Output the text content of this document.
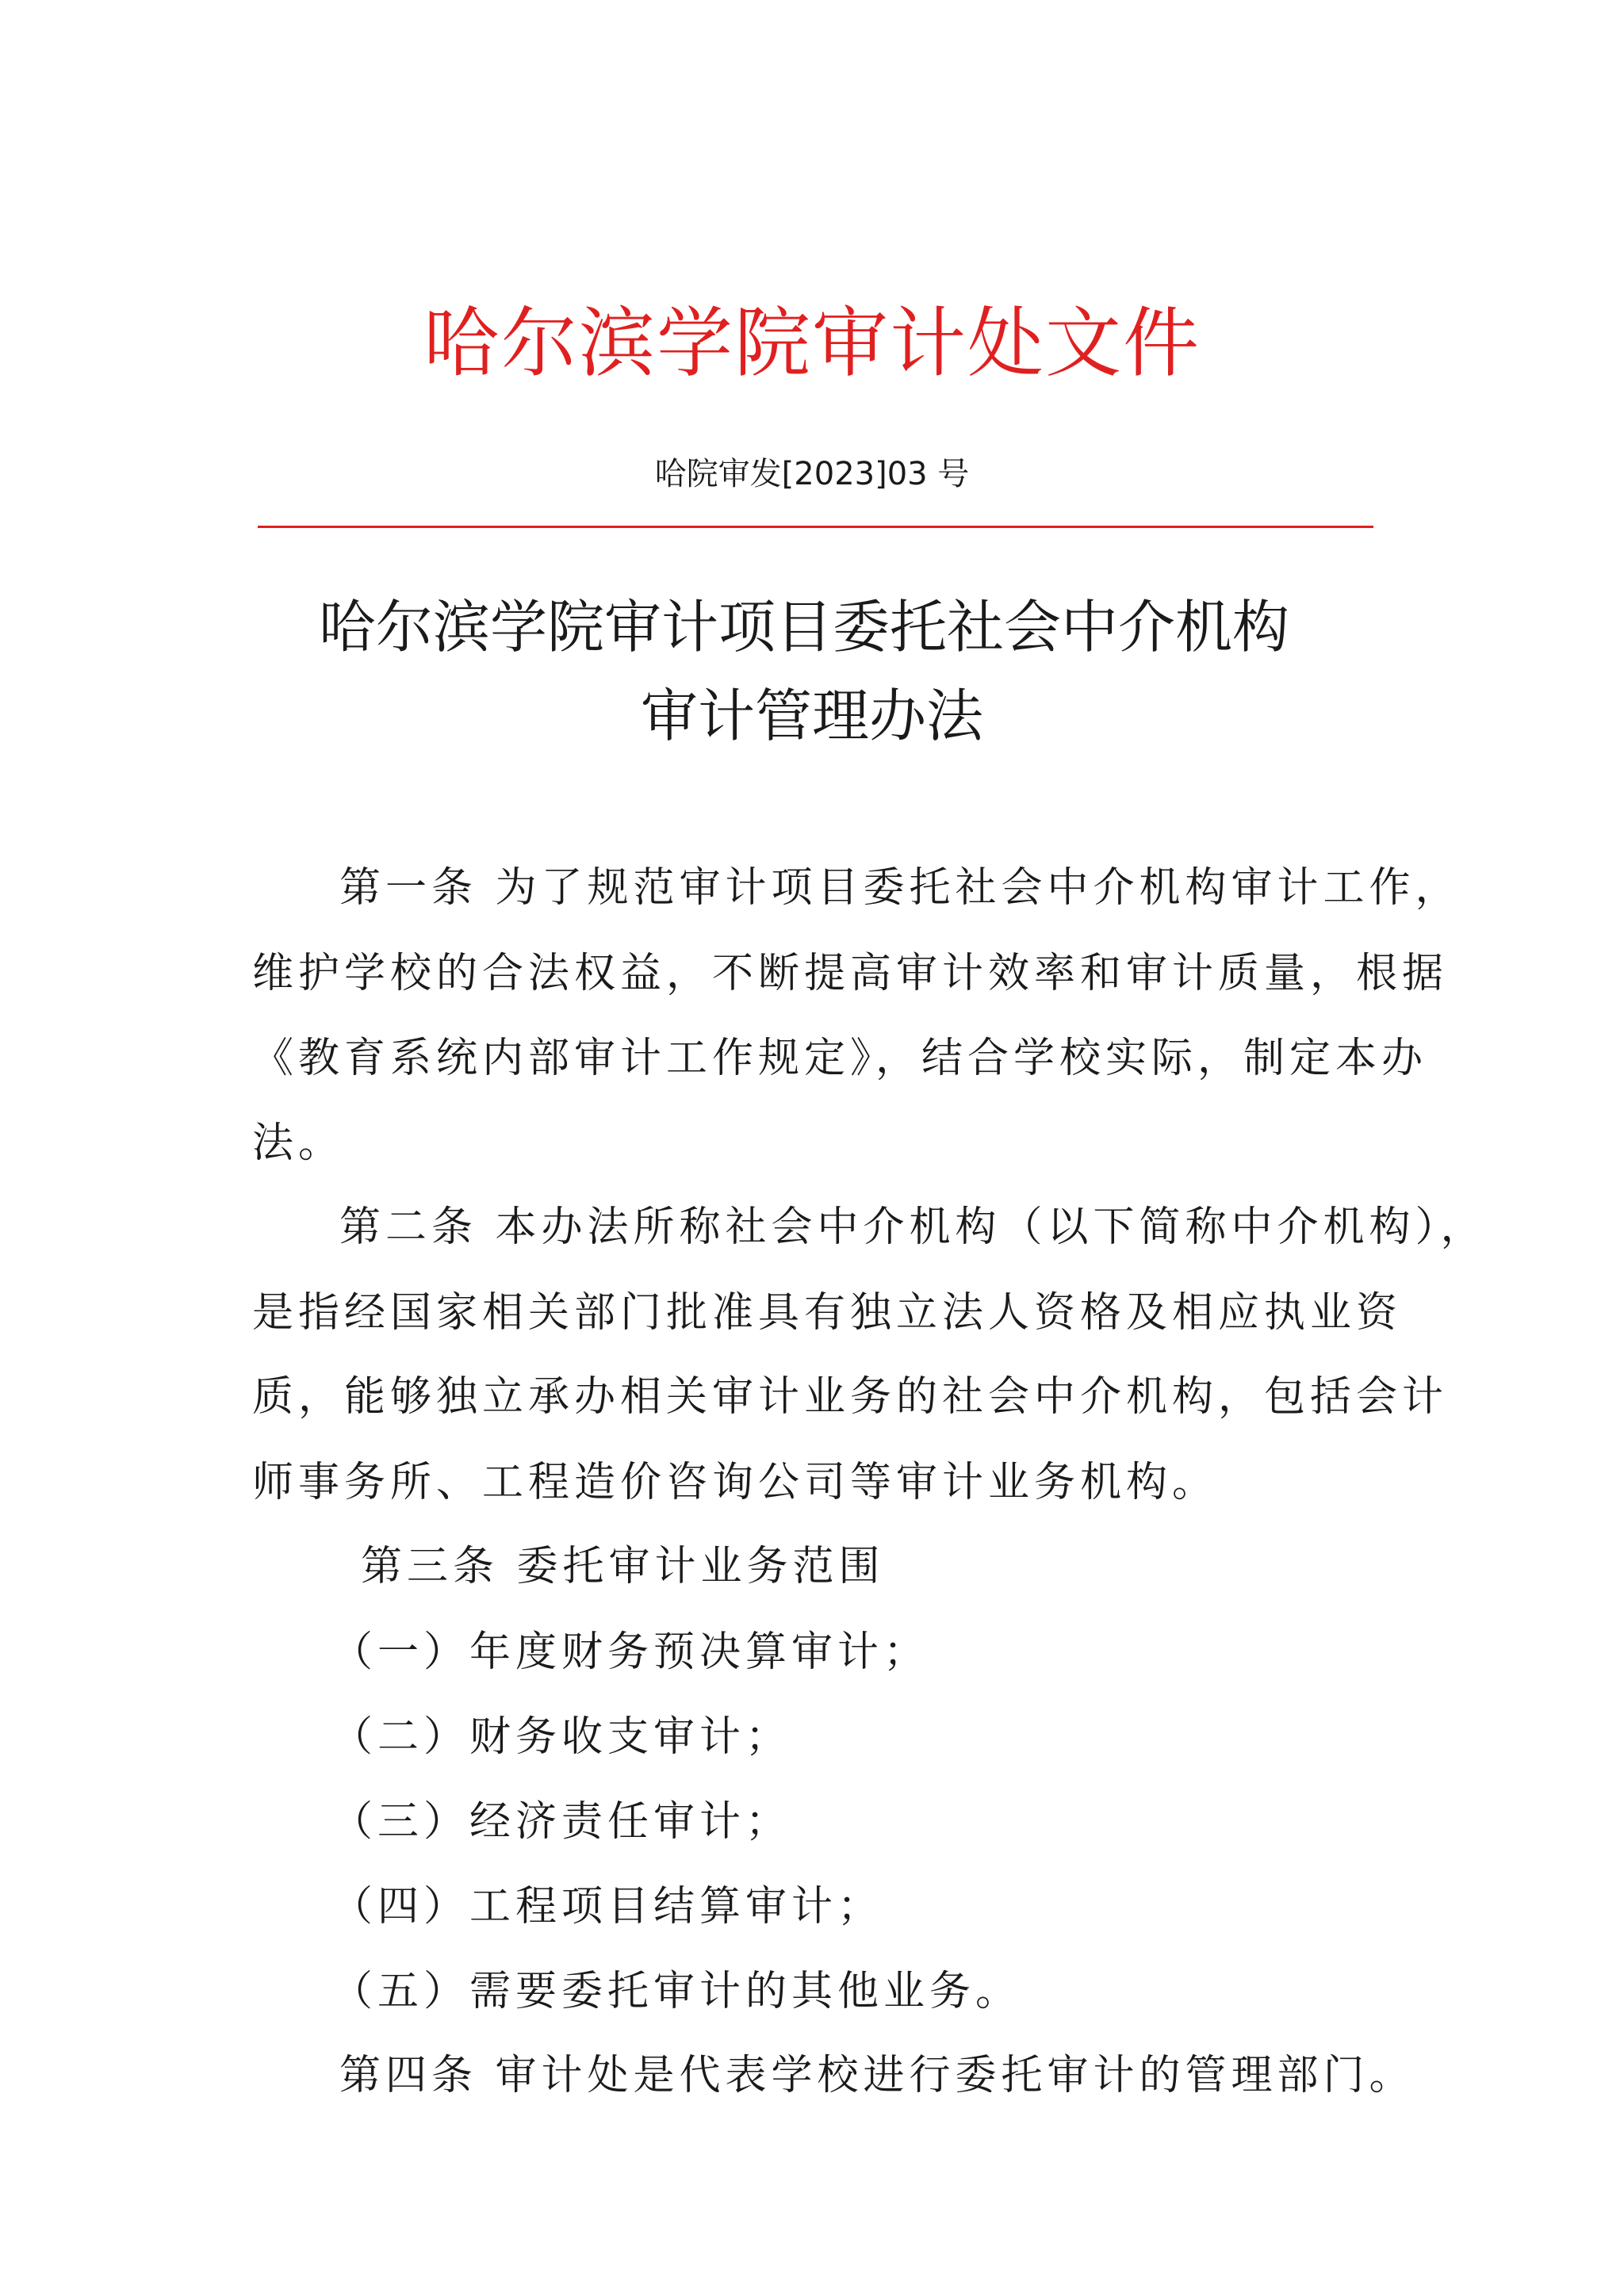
哈尔滨学院审计处文件
哈院审发[2023]03 号
哈尔滨学院审计项目委托社会中介机构
审计管理办法
第一条 为了规范审计项目委托社会中介机构审计工作，
维护学校的合法权益，不断提高审计效率和审计质量，根据
《教育系统内部审计工作规定》，结合学校实际，制定本办
法。
第二条 本办法所称社会中介机构（以下简称中介机构），
是指经国家相关部门批准具有独立法人资格及相应执业资
质，能够独立承办相关审计业务的社会中介机构，包括会计
师事务所、工程造价咨询公司等审计业务机构。
第三条 委托审计业务范围
（一）年度财务预决算审计；
（二）财务收支审计；
（三）经济责任审计；
（四）工程项目结算审计；
（五）需要委托审计的其他业务。
第四条 审计处是代表学校进行委托审计的管理部门。
